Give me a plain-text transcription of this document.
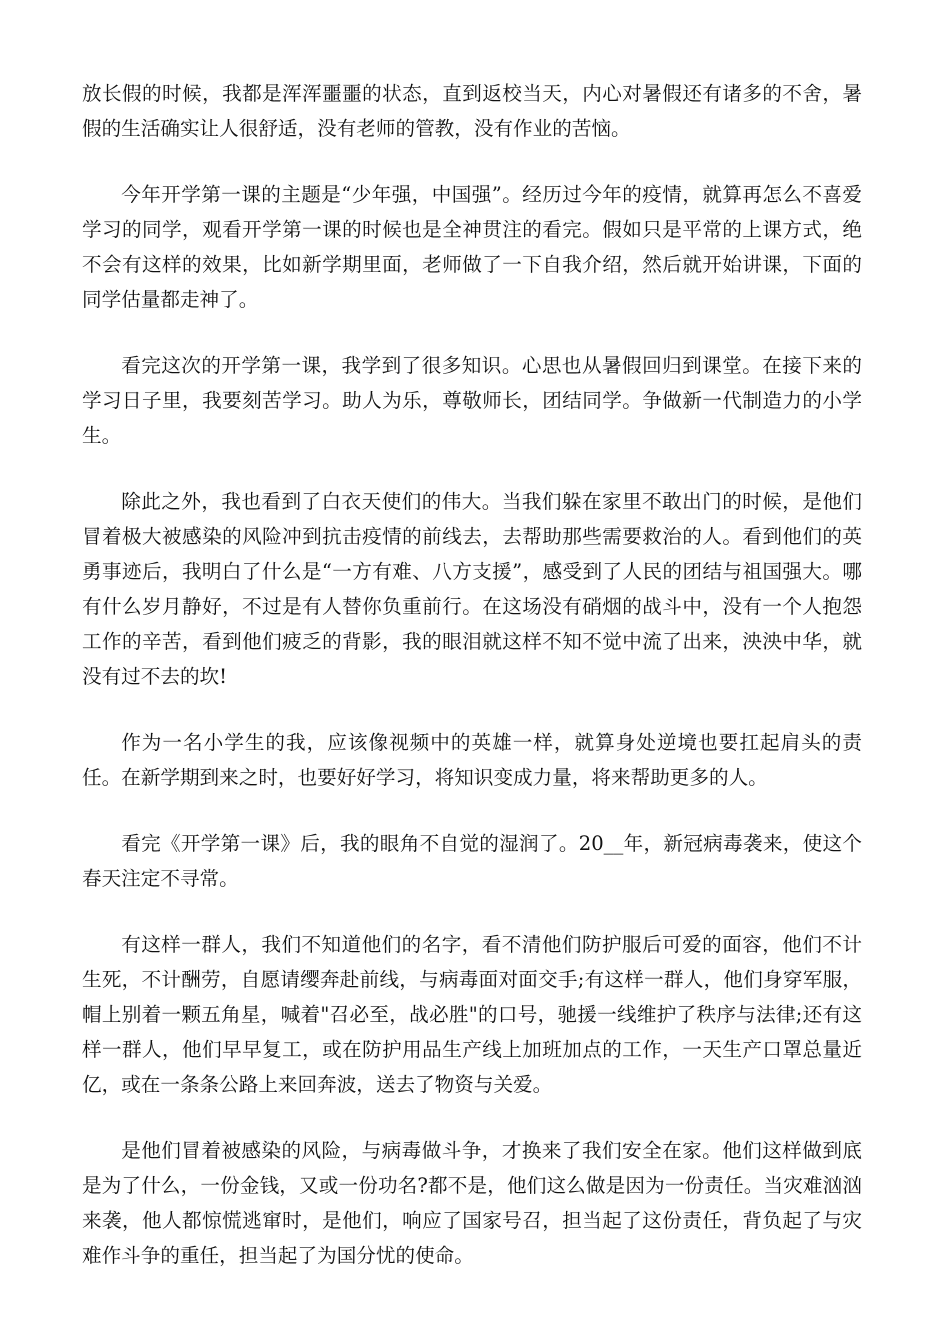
放长假的时候，我都是浑浑噩噩的状态，直到返校当天，内心对暑假还有诸多的不舍，暑假的生活确实让人很舒适，没有老师的管教，没有作业的苦恼。

今年开学第一课的主题是“少年强，中国强”。经历过今年的疫情，就算再怎么不喜爱学习的同学，观看开学第一课的时候也是全神贯注的看完。假如只是平常的上课方式，绝不会有这样的效果，比如新学期里面，老师做了一下自我介绍，然后就开始讲课，下面的同学估量都走神了。

看完这次的开学第一课，我学到了很多知识。心思也从暑假回归到课堂。在接下来的学习日子里，我要刻苦学习。助人为乐，尊敬师长，团结同学。争做新一代制造力的小学生。

除此之外，我也看到了白衣天使们的伟大。当我们躲在家里不敢出门的时候，是他们冒着极大被感染的风险冲到抗击疫情的前线去，去帮助那些需要救治的人。看到他们的英勇事迹后，我明白了什么是“一方有难、八方支援”，感受到了人民的团结与祖国强大。哪有什么岁月静好，不过是有人替你负重前行。在这场没有硝烟的战斗中，没有一个人抱怨工作的辛苦，看到他们疲乏的背影，我的眼泪就这样不知不觉中流了出来，泱泱中华，就没有过不去的坎!

作为一名小学生的我，应该像视频中的英雄一样，就算身处逆境也要扛起肩头的责任。在新学期到来之时，也要好好学习，将知识变成力量，将来帮助更多的人。

看完《开学第一课》后，我的眼角不自觉的湿润了。20__年，新冠病毒袭来，使这个春天注定不寻常。

有这样一群人，我们不知道他们的名字，看不清他们防护服后可爱的面容，他们不计生死，不计酬劳，自愿请缨奔赴前线，与病毒面对面交手;有这样一群人，他们身穿军服，帽上别着一颗五角星，喊着"召必至，战必胜"的口号，驰援一线维护了秩序与法律;还有这样一群人，他们早早复工，或在防护用品生产线上加班加点的工作，一天生产口罩总量近亿，或在一条条公路上来回奔波，送去了物资与关爱。

是他们冒着被感染的风险，与病毒做斗争，才换来了我们安全在家。他们这样做到底是为了什么，一份金钱，又或一份功名?都不是，他们这么做是因为一份责任。当灾难汹汹来袭，他人都惊慌逃窜时，是他们，响应了国家号召，担当起了这份责任，背负起了与灾难作斗争的重任，担当起了为国分忧的使命。
